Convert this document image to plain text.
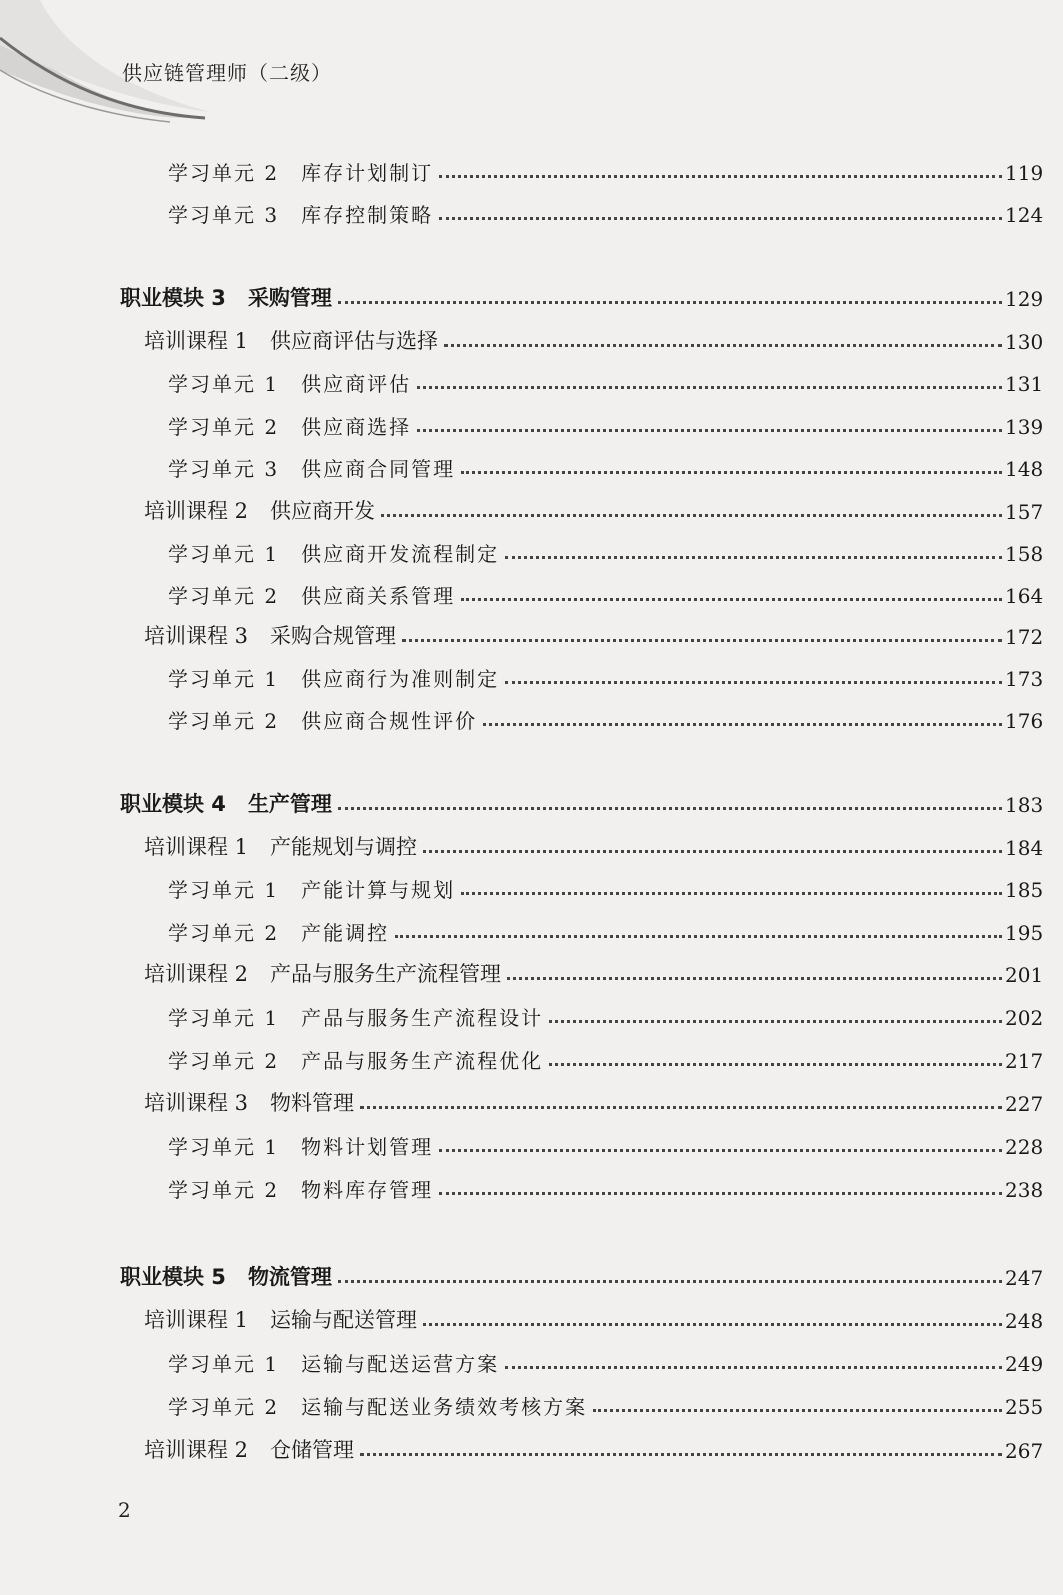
供应链管理师（二级）
学习单元 2 库存计划制订	119
学习单元 3 库存控制策略	124
职业模块 3 采购管理	129
培训课程 1 供应商评估与选择	130
学习单元 1 供应商评估	131
学习单元 2 供应商选择	139
学习单元 3 供应商合同管理	148
培训课程 2 供应商开发	157
学习单元 1 供应商开发流程制定	158
学习单元 2 供应商关系管理	164
培训课程 3 采购合规管理	172
学习单元 1 供应商行为准则制定	173
学习单元 2 供应商合规性评价	176
职业模块 4 生产管理	183
培训课程 1 产能规划与调控	184
学习单元 1 产能计算与规划	185
学习单元 2 产能调控	195
培训课程 2 产品与服务生产流程管理	201
学习单元 1 产品与服务生产流程设计	202
学习单元 2 产品与服务生产流程优化	217
培训课程 3 物料管理	227
学习单元 1 物料计划管理	228
学习单元 2 物料库存管理	238
职业模块 5 物流管理	247
培训课程 1 运输与配送管理	248
学习单元 1 运输与配送运营方案	249
学习单元 2 运输与配送业务绩效考核方案	255
培训课程 2 仓储管理	267
2
